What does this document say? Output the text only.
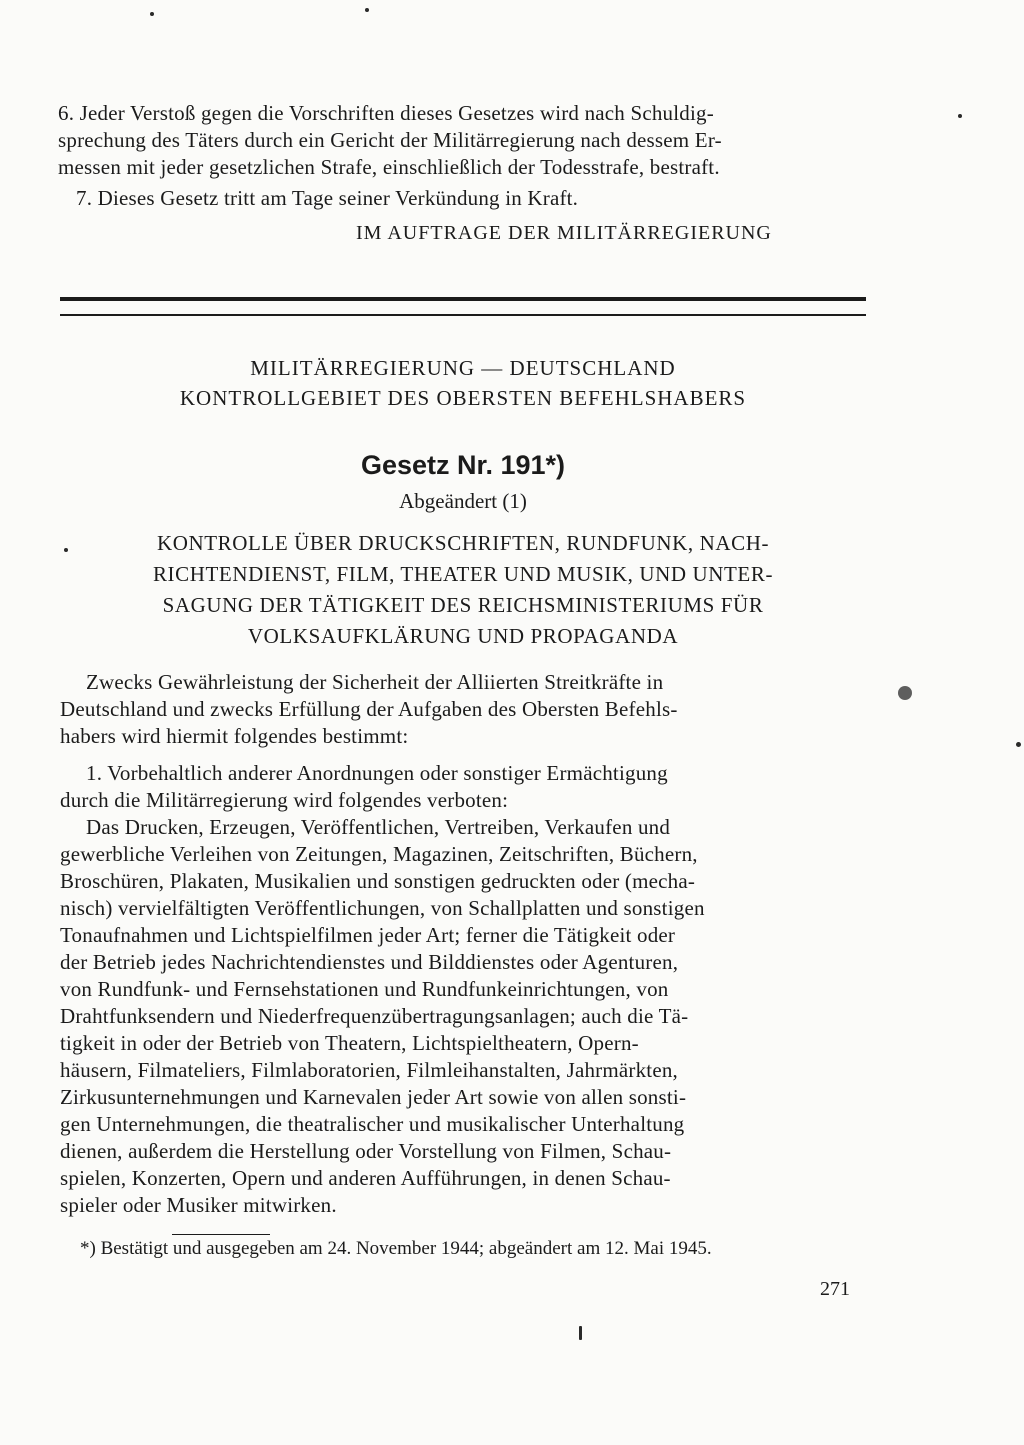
6. Jeder Verstoß gegen die Vorschriften dieses Gesetzes wird nach Schuldig-
sprechung des Täters durch ein Gericht der Militärregierung nach dessem Er-
messen mit jeder gesetzlichen Strafe, einschließlich der Todesstrafe, bestraft.
7. Dieses Gesetz tritt am Tage seiner Verkündung in Kraft.
IM AUFTRAGE DER MILITÄRREGIERUNG
MILITÄRREGIERUNG — DEUTSCHLAND
KONTROLLGEBIET DES OBERSTEN BEFEHLSHABERS
Gesetz Nr. 191*)
Abgeändert (1)
KONTROLLE ÜBER DRUCKSCHRIFTEN, RUNDFUNK, NACH-
RICHTENDIENST, FILM, THEATER UND MUSIK, UND UNTER-
SAGUNG DER TÄTIGKEIT DES REICHSMINISTERIUMS FÜR
VOLKSAUFKLÄRUNG UND PROPAGANDA
Zwecks Gewährleistung der Sicherheit der Alliierten Streitkräfte in
Deutschland und zwecks Erfüllung der Aufgaben des Obersten Befehls-
habers wird hiermit folgendes bestimmt:
1. Vorbehaltlich anderer Anordnungen oder sonstiger Ermächtigung
durch die Militärregierung wird folgendes verboten:
Das Drucken, Erzeugen, Veröffentlichen, Vertreiben, Verkaufen und
gewerbliche Verleihen von Zeitungen, Magazinen, Zeitschriften, Büchern,
Broschüren, Plakaten, Musikalien und sonstigen gedruckten oder (mecha-
nisch) vervielfältigten Veröffentlichungen, von Schallplatten und sonstigen
Tonaufnahmen und Lichtspielfilmen jeder Art; ferner die Tätigkeit oder
der Betrieb jedes Nachrichtendienstes und Bilddienstes oder Agenturen,
von Rundfunk- und Fernsehstationen und Rundfunkeinrichtungen, von
Drahtfunksendern und Niederfrequenzübertragungsanlagen; auch die Tä-
tigkeit in oder der Betrieb von Theatern, Lichtspieltheatern, Opern-
häusern, Filmateliers, Filmlaboratorien, Filmleihanstalten, Jahrmärkten,
Zirkusunternehmungen und Karnevalen jeder Art sowie von allen sonsti-
gen Unternehmungen, die theatralischer und musikalischer Unterhaltung
dienen, außerdem die Herstellung oder Vorstellung von Filmen, Schau-
spielen, Konzerten, Opern und anderen Aufführungen, in denen Schau-
spieler oder Musiker mitwirken.
*) Bestätigt und ausgegeben am 24. November 1944; abgeändert am 12. Mai 1945.
271
